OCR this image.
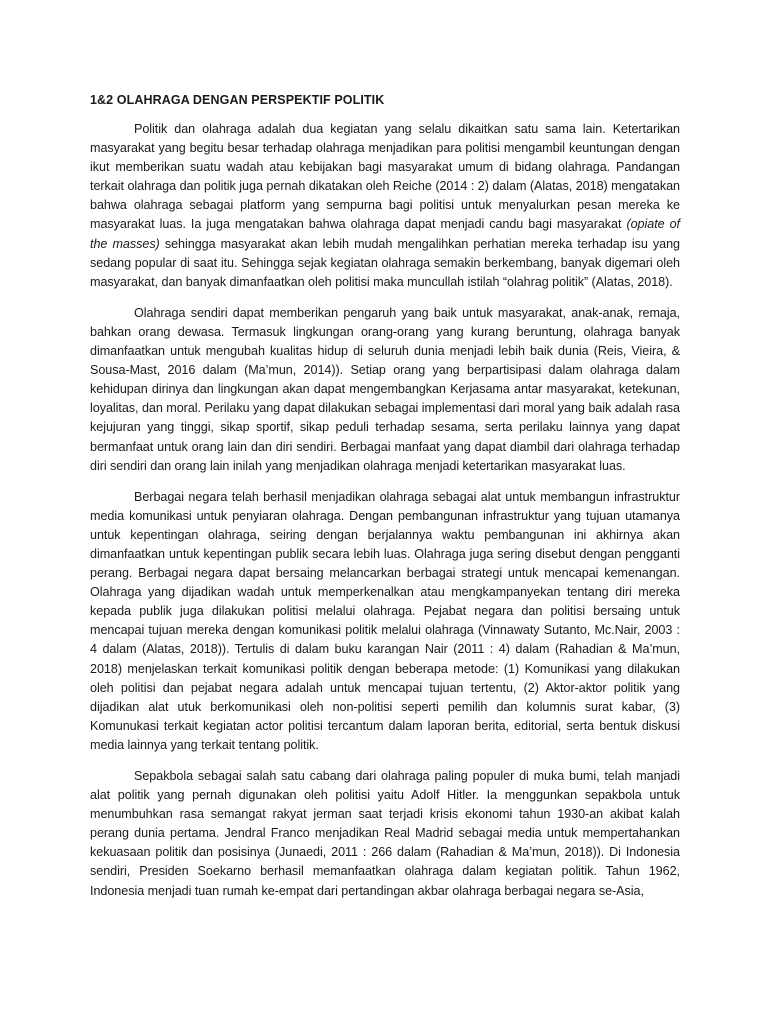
1&2 OLAHRAGA DENGAN PERSPEKTIF POLITIK

Politik dan olahraga adalah dua kegiatan yang selalu dikaitkan satu sama lain. Ketertarikan masyarakat yang begitu besar terhadap olahraga menjadikan para politisi mengambil keuntungan dengan ikut memberikan suatu wadah atau kebijakan bagi masyarakat umum di bidang olahraga. Pandangan terkait olahraga dan politik juga pernah dikatakan oleh Reiche (2014 : 2) dalam (Alatas, 2018) mengatakan bahwa olahraga sebagai platform yang sempurna bagi politisi untuk menyalurkan pesan mereka ke masyarakat luas. Ia juga mengatakan bahwa olahraga dapat menjadi candu bagi masyarakat (opiate of the masses) sehingga masyarakat akan lebih mudah mengalihkan perhatian mereka terhadap isu yang sedang popular di saat itu. Sehingga sejak kegiatan olahraga semakin berkembang, banyak digemari oleh masyarakat, dan banyak dimanfaatkan oleh politisi maka muncullah istilah “olahrag politik” (Alatas, 2018).

Olahraga sendiri dapat memberikan pengaruh yang baik untuk masyarakat, anak-anak, remaja, bahkan orang dewasa. Termasuk lingkungan orang-orang yang kurang beruntung, olahraga banyak dimanfaatkan untuk mengubah kualitas hidup di seluruh dunia menjadi lebih baik dunia (Reis, Vieira, & Sousa-Mast, 2016 dalam (Ma’mun, 2014)). Setiap orang yang berpartisipasi dalam olahraga dalam kehidupan dirinya dan lingkungan akan dapat mengembangkan Kerjasama antar masyarakat, ketekunan, loyalitas, dan moral. Perilaku yang dapat dilakukan sebagai implementasi dari moral yang baik adalah rasa kejujuran yang tinggi, sikap sportif, sikap peduli terhadap sesama, serta perilaku lainnya yang dapat bermanfaat untuk orang lain dan diri sendiri. Berbagai manfaat yang dapat diambil dari olahraga terhadap diri sendiri dan orang lain inilah yang menjadikan olahraga menjadi ketertarikan masyarakat luas.

Berbagai negara telah berhasil menjadikan olahraga sebagai alat untuk membangun infrastruktur media komunikasi untuk penyiaran olahraga. Dengan pembangunan infrastruktur yang tujuan utamanya untuk kepentingan olahraga, seiring dengan berjalannya waktu pembangunan ini akhirnya akan dimanfaatkan untuk kepentingan publik secara lebih luas. Olahraga juga sering disebut dengan pengganti perang. Berbagai negara dapat bersaing melancarkan berbagai strategi untuk mencapai kemenangan. Olahraga yang dijadikan wadah untuk memperkenalkan atau mengkampanyekan tentang diri mereka kepada publik juga dilakukan politisi melalui olahraga. Pejabat negara dan politisi bersaing untuk mencapai tujuan mereka dengan komunikasi politik melalui olahraga (Vinnawaty Sutanto, Mc.Nair, 2003 : 4 dalam (Alatas, 2018)). Tertulis di dalam buku karangan Nair (2011 : 4) dalam (Rahadian & Ma’mun, 2018) menjelaskan terkait komunikasi politik dengan beberapa metode: (1) Komunikasi yang dilakukan oleh politisi dan pejabat negara adalah untuk mencapai tujuan tertentu, (2) Aktor-aktor politik yang dijadikan alat utuk berkomunikasi oleh non-politisi seperti pemilih dan kolumnis surat kabar, (3) Komunukasi terkait kegiatan actor politisi tercantum dalam laporan berita, editorial, serta bentuk diskusi media lainnya yang terkait tentang politik.

Sepakbola sebagai salah satu cabang dari olahraga paling populer di muka bumi, telah manjadi alat politik yang pernah digunakan oleh politisi yaitu Adolf Hitler. Ia menggunkan sepakbola untuk menumbuhkan rasa semangat rakyat jerman saat terjadi krisis ekonomi tahun 1930-an akibat kalah perang dunia pertama. Jendral Franco menjadikan Real Madrid sebagai media untuk mempertahankan kekuasaan politik dan posisinya (Junaedi, 2011 : 266 dalam (Rahadian & Ma’mun, 2018)). Di Indonesia sendiri, Presiden Soekarno berhasil memanfaatkan olahraga dalam kegiatan politik. Tahun 1962, Indonesia menjadi tuan rumah ke-empat dari pertandingan akbar olahraga berbagai negara se-Asia,
